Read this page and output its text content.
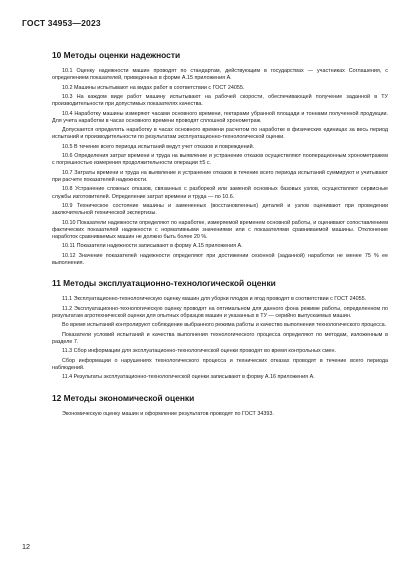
ГОСТ 34953—2023
10 Методы оценки надежности

10.1 Оценку надежности машин проводят по стандартам, действующим в государствах — участниках Соглашения, с определением показателей, приведенных в форме А.15 приложения А.

10.2 Машины испытывают на видах работ в соответствии с ГОСТ 24055.

10.3 На каждом виде работ машину испытывают на рабочей скорости, обеспечивающей получение заданной в ТУ производительности при допустимых показателях качества.

10.4 Наработку машины измеряют часами основного времени, гектарами убранной площади и тоннами полученной продукции. Для учета наработки в часах основного времени проводят сплошной хронометраж.

Допускается определять наработку в часах основного времени расчетом по наработке в физических единицах за весь период испытаний и производительности по результатам эксплуатационно-технологической оценки.

10.5 В течение всего периода испытаний ведут учет отказов и повреждений.

10.6 Определения затрат времени и труда на выявление и устранение отказов осуществляют пооперационным хронометражем с погрешностью измерения продолжительности операции ±5 с.

10.7 Затраты времени и труда на выявление и устранение отказов в течение всего периода испытаний суммируют и учитывают при расчете показателей надежности.

10.8 Устранение сложных отказов, связанных с разборкой или заменой основных базовых узлов, осуществляют сервисные службы изготовителей. Определение затрат времени и труда — по 10.6.

10.9 Техническое состояние машины и замененных (восстановленных) деталей и узлов оценивают при проведении заключительной технической экспертизы.

10.10 Показатели надежности определяют по наработке, измеряемой временем основной работы, и оценивают сопоставлением фактических показателей надежности с нормативными значениями или с показателями сравниваемой машины. Отклонение наработок сравниваемых машин не должно быть более 20 %.

10.11 Показатели надежности записывают в форму А.15 приложения А.

10.12 Значение показателей надежности определяют при достижении сезонной (заданной) наработки не менее 75 % ее выполнения.

11 Методы эксплуатационно-технологической оценки

11.1 Эксплуатационно-технологическую оценку машин для уборки плодов и ягод проводят в соответствии с ГОСТ 24055.

11.2 Эксплуатационно-технологическую оценку проводят на оптимальном для данного фона режиме работы, определенном по результатам агротехнической оценки для опытных образцов машин и указанных в ТУ — серийно выпускаемых машин.

Во время испытаний контролируют соблюдение выбранного режима работы и качество выполнения технологического процесса.

Показатели условий испытаний и качества выполнения технологического процесса определяют по методам, изложенным в разделе 7.

11.3 Сбор информации для эксплуатационно-технологической оценки проводят во время контрольных смен.

Сбор информации о нарушениях технологического процесса и технических отказах проводят в течение всего периода наблюдений.

11.4 Результаты эксплуатационно-технологической оценки записывают в форму А.16 приложения А.

12 Методы экономической оценки

Экономическую оценку машин и оформление результатов проводят по ГОСТ 34393.

12
